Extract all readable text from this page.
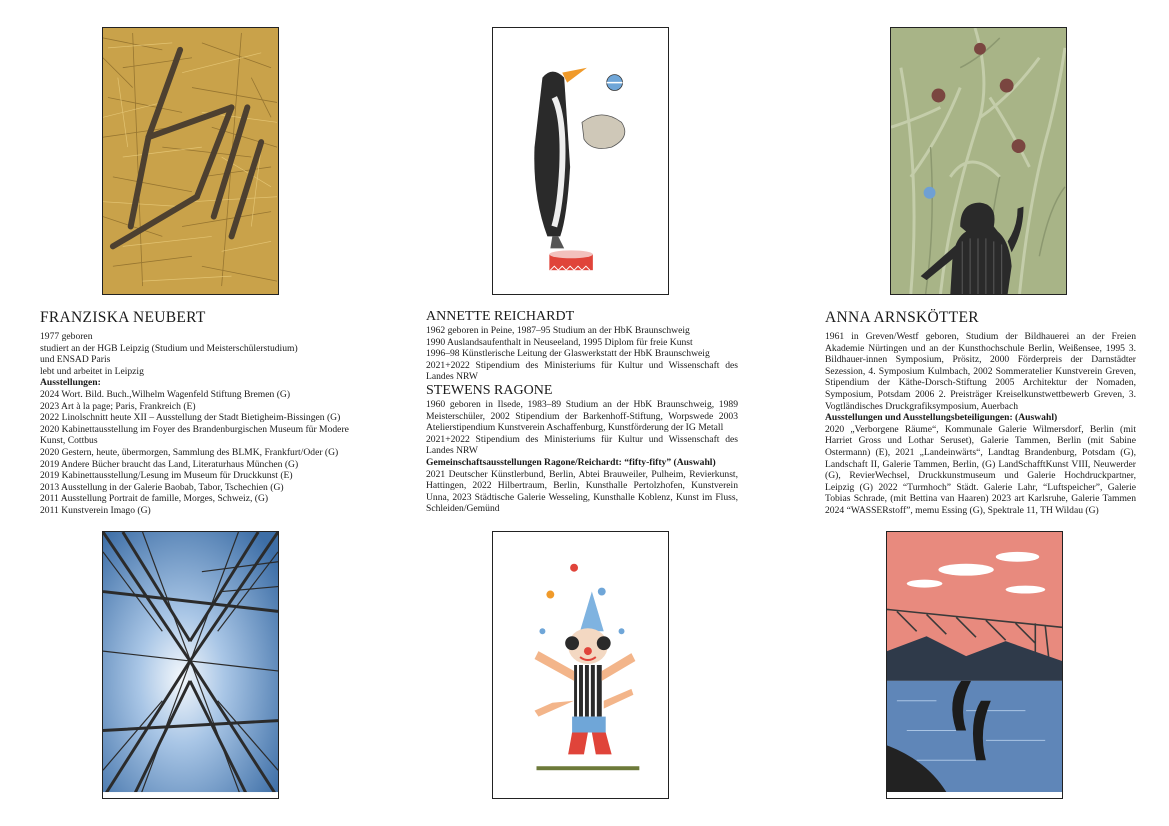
FRANZISKA NEUBERT

1977 geboren

studiert an der HGB Leipzig (Studium und Meisterschülerstudium)

und ENSAD Paris

lebt und arbeitet in Leipzig

Ausstellungen:

2024 Wort. Bild. Buch.,Wilhelm Wagenfeld Stiftung Bremen (G)

2023 Art à la page; Paris, Frankreich (E)

2022 Linolschnitt heute XII – Ausstellung der Stadt Bietigheim-Bissingen (G)

2020 Kabinettausstellung im Foyer des Brandenburgischen Museum für Modere Kunst, Cottbus

2020 Gestern, heute, übermorgen, Sammlung des BLMK, Frankfurt/Oder (G)

2019 Andere Bücher braucht das Land, Literaturhaus München (G)

2019 Kabinettausstellung/Lesung im Museum für Druckkunst (E)

2013 Ausstellung in der Galerie Baobab, Tabor, Tschechien (G)

2011 Ausstellung Portrait de famille, Morges, Schweiz, (G)

2011 Kunstverein Imago (G)

ANNETTE REICHARDT

1962 geboren in Peine, 1987–95 Studium an der HbK Braunschweig

1990 Auslandsaufenthalt in Neuseeland, 1995 Diplom für freie Kunst

1996–98 Künstlerische Leitung der Glaswerkstatt der HbK Braunschweig

2021+2022 Stipendium des Ministeriums für Kultur und Wissenschaft des Landes NRW

STEWENS RAGONE

1960 geboren in Ilsede, 1983–89 Studium an der HbK Braunschweig, 1989 Meisterschüler, 2002 Stipendium der Barkenhoff-Stiftung, Worpswede 2003 Atelierstipendium Kunstverein Aschaffenburg, Kunstförderung der IG Metall

2021+2022 Stipendium des Ministeriums für Kultur und Wissenschaft des Landes NRW

Gemeinschaftsausstellungen Ragone/Reichardt: “fifty-fifty” (Auswahl)

2021 Deutscher Künstlerbund, Berlin, Abtei Brauweiler, Pulheim, Revierkunst, Hattingen, 2022 Hilbertraum, Berlin, Kunsthalle Pertolzhofen, Kunstverein Unna, 2023 Städtische Galerie Wesseling, Kunsthalle Koblenz, Kunst im Fluss, Schleiden/Gemünd

ANNA ARNSKÖTTER

1961 in Greven/Westf geboren, Studium der Bildhauerei an der Freien Akademie Nürtingen und an der Kunsthochschule Berlin, Weißensee, 1995 3. Bildhauer-innen Symposium, Prösitz, 2000 Förderpreis der Darnstädter Sezession, 4. Symposium Kulmbach, 2002 Sommeratelier Kunstverein Greven, Stipendium der Käthe-Dorsch-Stiftung 2005 Architektur der Nomaden, Symposium, Potsdam 2006 2. Preisträger Kreiselkunstwettbewerb Greven, 3. Vogtländisches Druckgrafiksymposium, Auerbach

Ausstellungen und Ausstellungsbeteiligungen: (Auswahl)

2020 „Verborgene Räume“, Kommunale Galerie Wilmersdorf, Berlin (mit Harriet Gross und Lothar Seruset), Galerie Tammen, Berlin (mit Sabine Ostermann) (E), 2021 „Landeinwärts“, Landtag Brandenburg, Potsdam (G), Landschaft II, Galerie Tammen, Berlin, (G) LandSchafftKunst VIII, Neuwerder (G), RevierWechsel, Druckkunstmuseum und Galerie Hochdruckpartner, Leipzig (G) 2022 “Turmhoch” Städt. Galerie Lahr, “Luftspeicher”, Galerie Tobias Schrade, (mit Bettina van Haaren) 2023 art Karlsruhe, Galerie Tammen 2024 “WASSERstoff”, memu Essing (G), Spektrale 11, TH Wildau (G)
